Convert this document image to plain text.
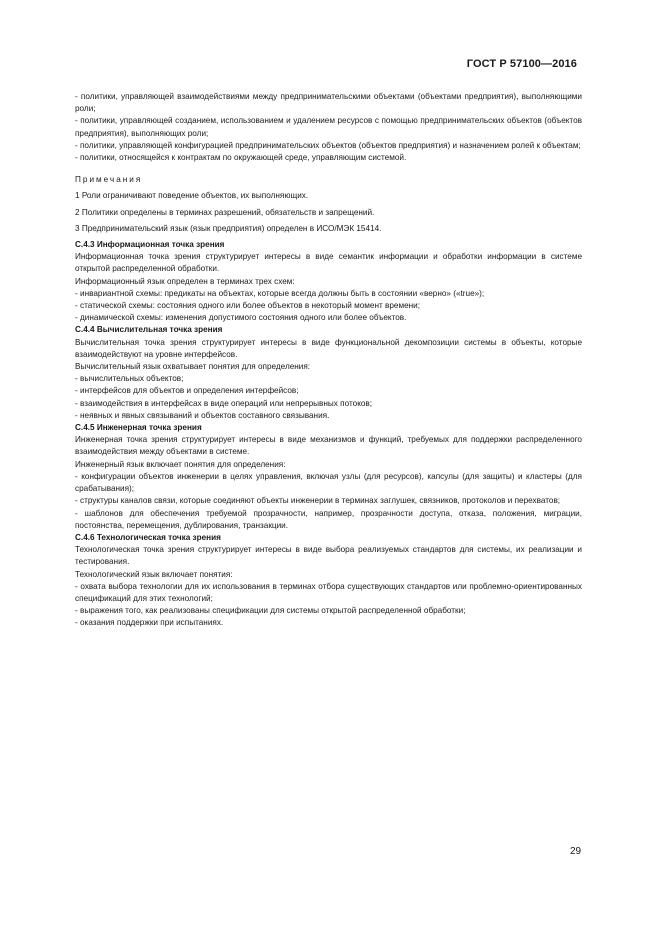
ГОСТ Р 57100—2016

- политики, управляющей взаимодействиями между предпринимательскими объектами (объектами предприятия), выполняющими роли;

- политики, управляющей созданием, использованием и удалением ресурсов с помощью предпринимательских объектов (объектов предприятия), выполняющих роли;

- политики, управляющей конфигурацией предпринимательских объектов (объектов предприятия) и назначением ролей к объектам;

- политики, относящейся к контрактам по окружающей среде, управляющим системой.

Примечания

1 Роли ограничивают поведение объектов, их выполняющих.

2 Политики определены в терминах разрешений, обязательств и запрещений.

3 Предпринимательский язык (язык предприятия) определен в ИСО/МЭК 15414.

С.4.3 Информационная точка зрения

Информационная точка зрения структурирует интересы в виде семантик информации и обработки информации в системе открытой распределенной обработки.

Информационный язык определен в терминах трех схем:

- инвариантной схемы: предикаты на объектах, которые всегда должны быть в состоянии «верно» («true»);

- статической схемы: состояния одного или более объектов в некоторый момент времени;

- динамической схемы: изменения допустимого состояния одного или более объектов.

С.4.4 Вычислительная точка зрения

Вычислительная точка зрения структурирует интересы в виде функциональной декомпозиции системы в объекты, которые взаимодействуют на уровне интерфейсов.

Вычислительный язык охватывает понятия для определения:

- вычислительных объектов;

- интерфейсов для объектов и определения интерфейсов;

- взаимодействия в интерфейсах в виде операций или непрерывных потоков;

- неявных и явных связываний и объектов составного связывания.

С.4.5 Инженерная точка зрения

Инженерная точка зрения структурирует интересы в виде механизмов и функций, требуемых для поддержки распределенного взаимодействия между объектами в системе.

Инженерный язык включает понятия для определения:

- конфигурации объектов инженерии в целях управления, включая узлы (для ресурсов), капсулы (для защиты) и кластеры (для срабатывания);

- структуры каналов связи, которые соединяют объекты инженерии в терминах заглушек, связников, протоколов и перехватов;

- шаблонов для обеспечения требуемой прозрачности, например, прозрачности доступа, отказа, положения, миграции, постоянства, перемещения, дублирования, транзакции.

С.4.6 Технологическая точка зрения

Технологическая точка зрения структурирует интересы в виде выбора реализуемых стандартов для системы, их реализации и тестирования.

Технологический язык включает понятия:

- охвата выбора технологии для их использования в терминах отбора существующих стандартов или проблемно-ориентированных спецификаций для этих технологий;

- выражения того, как реализованы спецификации для системы открытой распределенной обработки;

- оказания поддержки при испытаниях.

29
